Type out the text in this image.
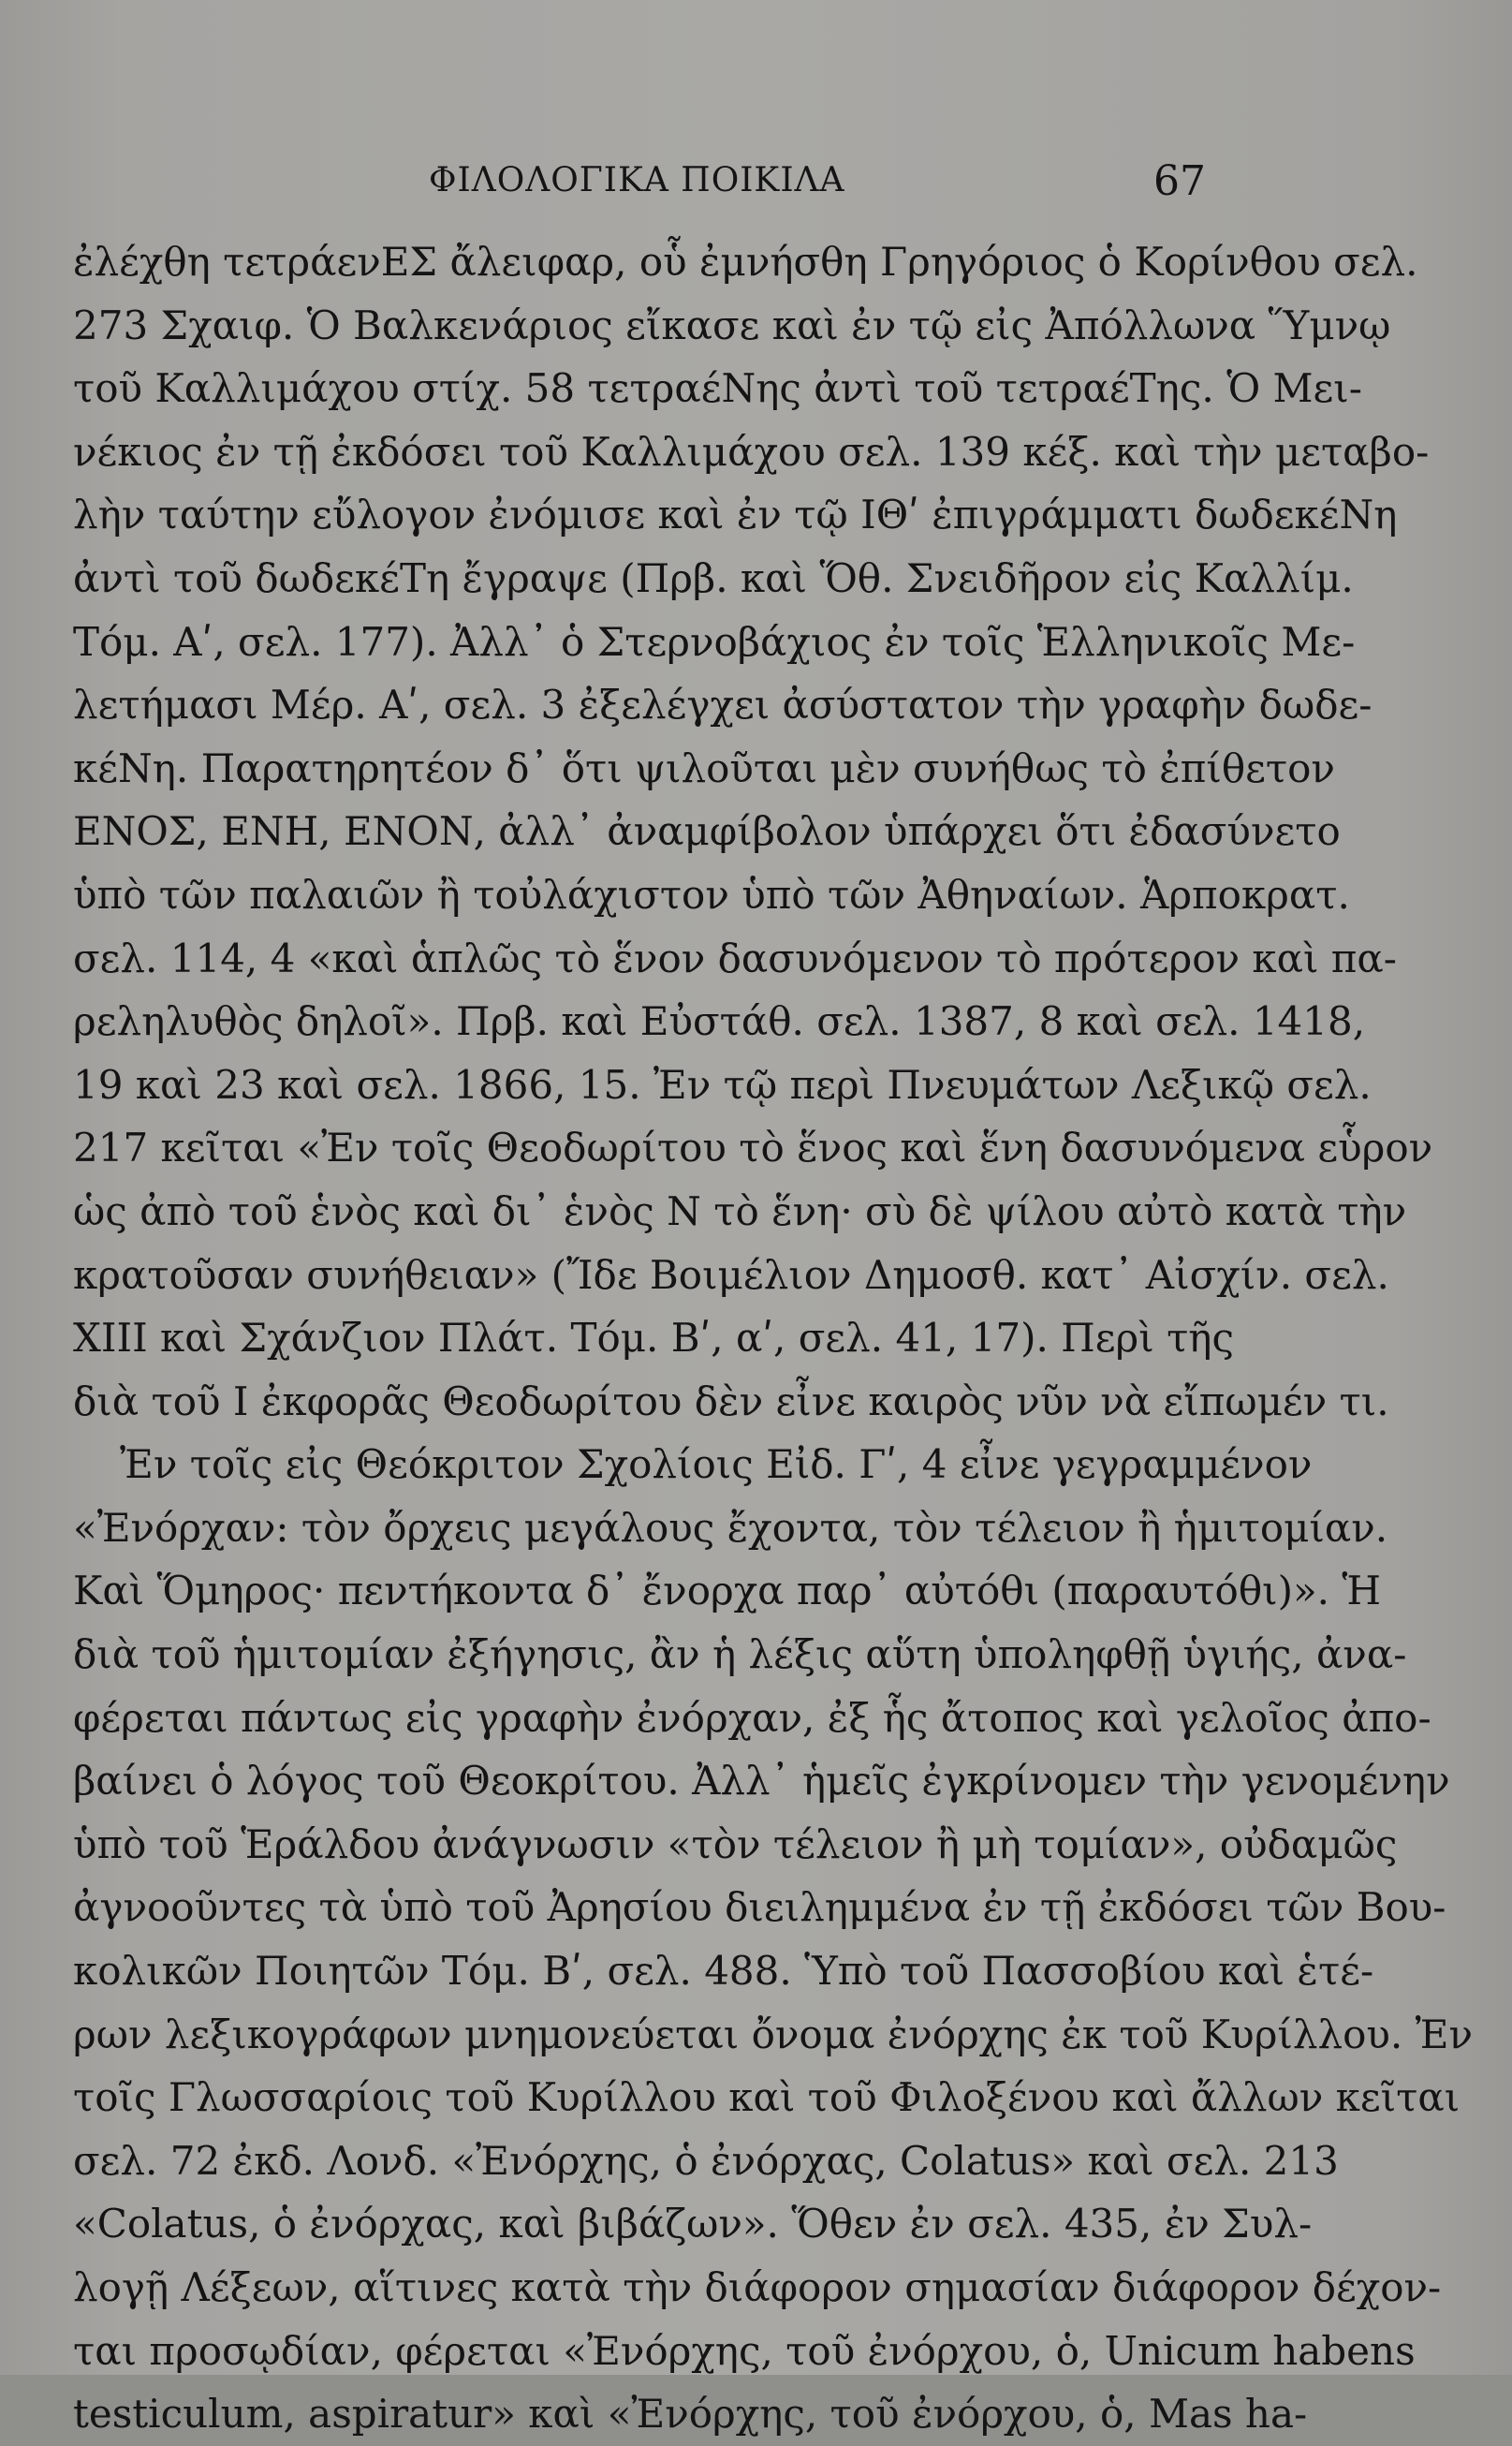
ΦΙΛΟΛΟΓΙΚΑ ΠΟΙΚΙΛΑ	67
ἐλέχθη τετράενΕΣ ἄλειφαρ, οὗ ἐμνήσθη Γρηγόριος ὁ Κορίνθου σελ.
273 Σχαιφ. Ὁ Βαλκενάριος εἴκασε καὶ ἐν τῷ εἰς Ἀπόλλωνα Ὕμνῳ
τοῦ Καλλιμάχου στίχ. 58 τετραέΝης ἀντὶ τοῦ τετραέΤης. Ὁ Μει-
νέκιος ἐν τῇ ἐκδόσει τοῦ Καλλιμάχου σελ. 139 κέξ. καὶ τὴν μεταβο-
λὴν ταύτην εὔλογον ἐνόμισε καὶ ἐν τῷ ΙΘʹ ἐπιγράμματι δωδεκέΝη
ἀντὶ τοῦ δωδεκέΤη ἔγραψε (Πρβ. καὶ Ὅθ. Σνειδῆρον εἰς Καλλίμ.
Τόμ. Αʹ, σελ. 177). Ἀλλ᾿ ὁ Στερνοβάχιος ἐν τοῖς Ἑλληνικοῖς Με-
λετήμασι Μέρ. Αʹ, σελ. 3 ἐξελέγχει ἀσύστατον τὴν γραφὴν δωδε-
κέΝη. Παρατηρητέον δ᾿ ὅτι ψιλοῦται μὲν συνήθως τὸ ἐπίθετον
ΕΝΟΣ, ΕΝΗ, ΕΝΟΝ, ἀλλ᾿ ἀναμφίβολον ὑπάρχει ὅτι ἐδασύνετο
ὑπὸ τῶν παλαιῶν ἢ τοὐλάχιστον ὑπὸ τῶν Ἀθηναίων. Ἁρποκρατ.
σελ. 114, 4 «καὶ ἁπλῶς τὸ ἕνον δασυνόμενον τὸ πρότερον καὶ πα-
ρεληλυθὸς δηλοῖ». Πρβ. καὶ Εὐστάθ. σελ. 1387, 8 καὶ σελ. 1418,
19 καὶ 23 καὶ σελ. 1866, 15. Ἐν τῷ περὶ Πνευμάτων Λεξικῷ σελ.
217 κεῖται «Ἐν τοῖς Θεοδωρίτου τὸ ἕνος καὶ ἕνη δασυνόμενα εὗρον
ὡς ἀπὸ τοῦ ἑνὸς καὶ δι᾿ ἑνὸς Ν τὸ ἕνη· σὺ δὲ ψίλου αὐτὸ κατὰ τὴν
κρατοῦσαν συνήθειαν» (Ἴδε Βοιμέλιον Δημοσθ. κατ᾿ Αἰσχίν. σελ.
XIII καὶ Σχάνζιον Πλάτ. Τόμ. Βʹ, αʹ, σελ. 41, 17). Περὶ τῆς
διὰ τοῦ Ι ἐκφορᾶς Θεοδωρίτου δὲν εἶνε καιρὸς νῦν νὰ εἴπωμέν τι.
Ἐν τοῖς εἰς Θεόκριτον Σχολίοις Εἰδ. Γʹ, 4 εἶνε γεγραμμένον
«Ἐνόρχαν: τὸν ὄρχεις μεγάλους ἔχοντα, τὸν τέλειον ἢ ἡμιτομίαν.
Καὶ Ὅμηρος· πεντήκοντα δ᾿ ἔνορχα παρ᾿ αὐτόθι (παραυτόθι)». Ἡ
διὰ τοῦ ἡμιτομίαν ἐξήγησις, ἂν ἡ λέξις αὕτη ὑποληφθῇ ὑγιής, ἀνα-
φέρεται πάντως εἰς γραφὴν ἐνόρχαν, ἐξ ἧς ἄτοπος καὶ γελοῖος ἀπο-
βαίνει ὁ λόγος τοῦ Θεοκρίτου. Ἀλλ᾿ ἡμεῖς ἐγκρίνομεν τὴν γενομένην
ὑπὸ τοῦ Ἑράλδου ἀνάγνωσιν «τὸν τέλειον ἢ μὴ τομίαν», οὐδαμῶς
ἀγνοοῦντες τὰ ὑπὸ τοῦ Ἀρησίου διειλημμένα ἐν τῇ ἐκδόσει τῶν Βου-
κολικῶν Ποιητῶν Τόμ. Βʹ, σελ. 488. Ὑπὸ τοῦ Πασσοβίου καὶ ἑτέ-
ρων λεξικογράφων μνημονεύεται ὄνομα ἐνόρχης ἐκ τοῦ Κυρίλλου. Ἐν
τοῖς Γλωσσαρίοις τοῦ Κυρίλλου καὶ τοῦ Φιλοξένου καὶ ἄλλων κεῖται
σελ. 72 ἐκδ. Λονδ. «Ἐνόρχης, ὁ ἐνόρχας, Colatus» καὶ σελ. 213
«Colatus, ὁ ἐνόρχας, καὶ βιβάζων». Ὅθεν ἐν σελ. 435, ἐν Συλ-
λογῇ Λέξεων, αἵτινες κατὰ τὴν διάφορον σημασίαν διάφορον δέχον-
ται προσῳδίαν, φέρεται «Ἐνόρχης, τοῦ ἐνόρχου, ὁ, Unicum habens
testiculum, aspiratur» καὶ «Ἐνόρχης, τοῦ ἐνόρχου, ὁ, Mas ha-
